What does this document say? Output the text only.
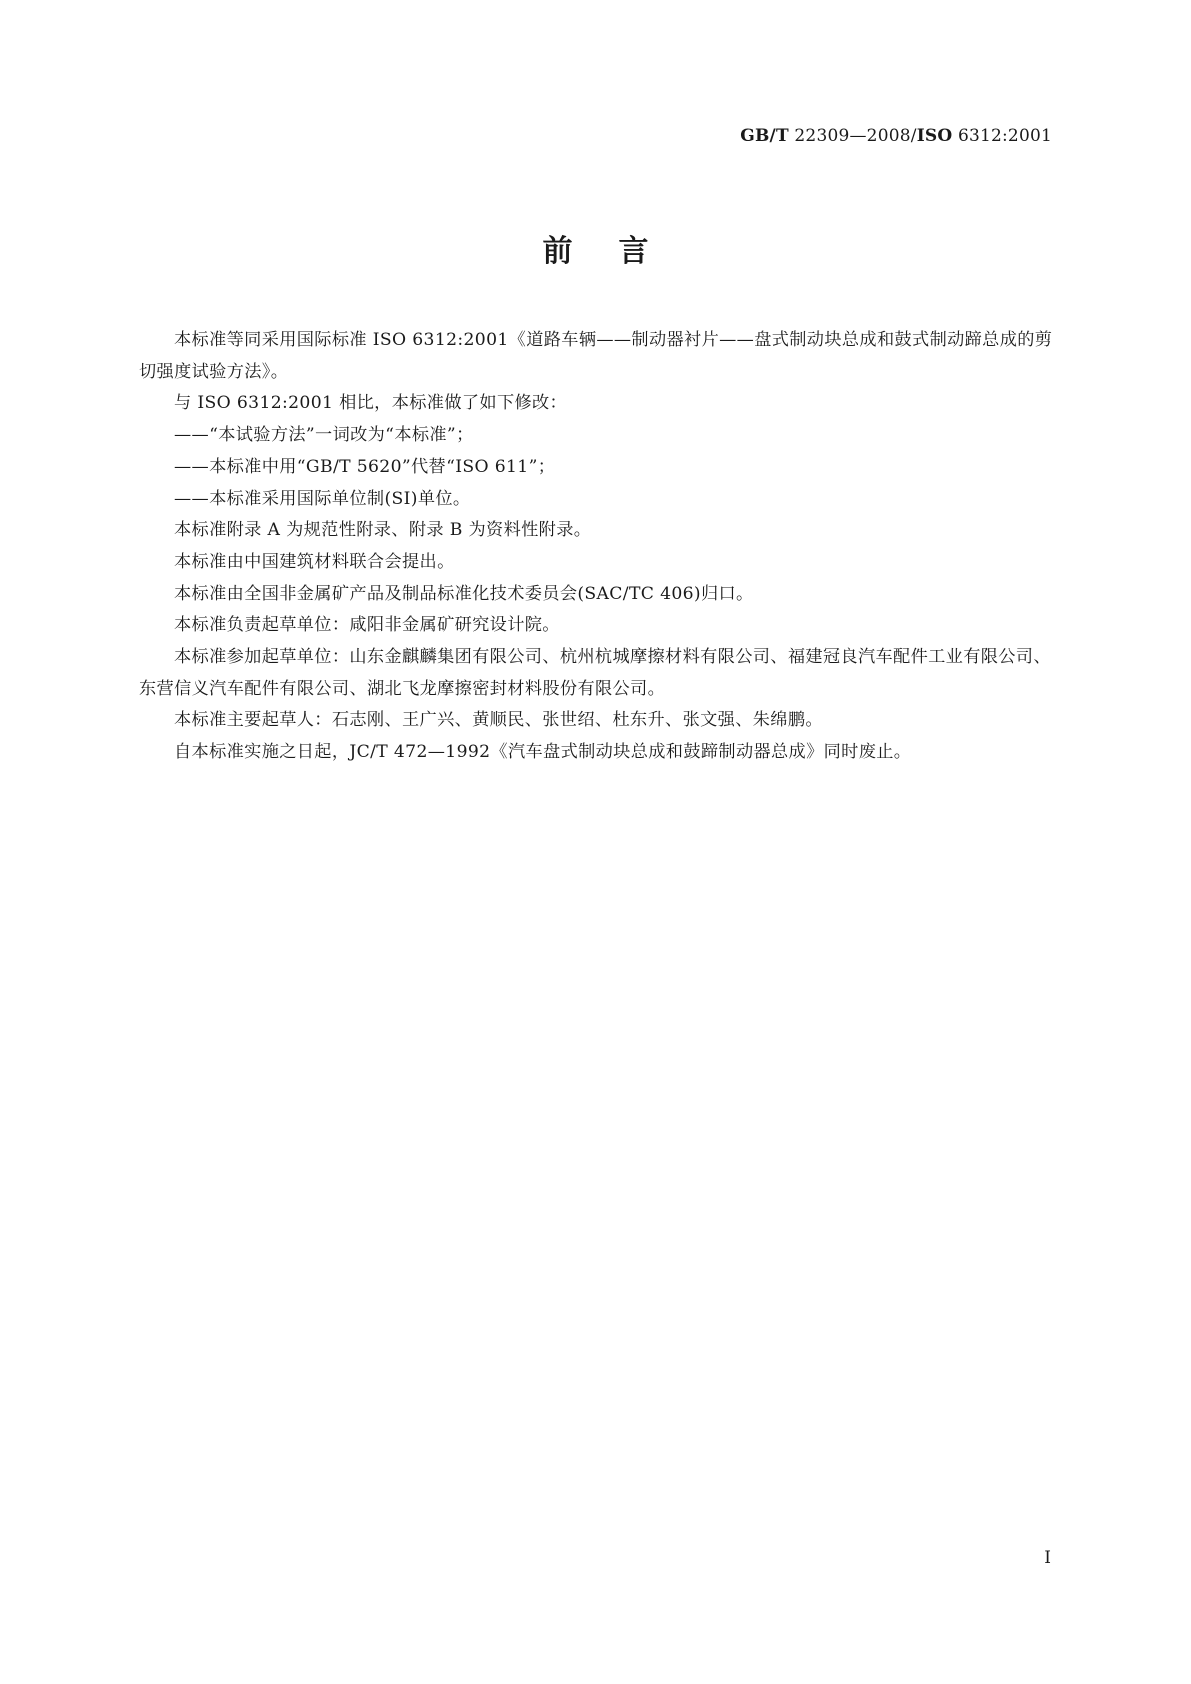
GB/T 22309—2008/ISO 6312:2001
前言

本标准等同采用国际标准 ISO 6312:2001《道路车辆——制动器衬片——盘式制动块总成和鼓式制动蹄总成的剪切强度试验方法》。

与 ISO 6312:2001 相比，本标准做了如下修改：

——“本试验方法”一词改为“本标准”；

——本标准中用“GB/T 5620”代替“ISO 611”；

——本标准采用国际单位制(SI)单位。

本标准附录 A 为规范性附录、附录 B 为资料性附录。

本标准由中国建筑材料联合会提出。

本标准由全国非金属矿产品及制品标准化技术委员会(SAC/TC 406)归口。

本标准负责起草单位：咸阳非金属矿研究设计院。

本标准参加起草单位：山东金麒麟集团有限公司、杭州杭城摩擦材料有限公司、福建冠良汽车配件工业有限公司、东营信义汽车配件有限公司、湖北飞龙摩擦密封材料股份有限公司。

本标准主要起草人：石志刚、王广兴、黄顺民、张世绍、杜东升、张文强、朱绵鹏。

自本标准实施之日起，JC/T 472—1992《汽车盘式制动块总成和鼓蹄制动器总成》同时废止。

I
